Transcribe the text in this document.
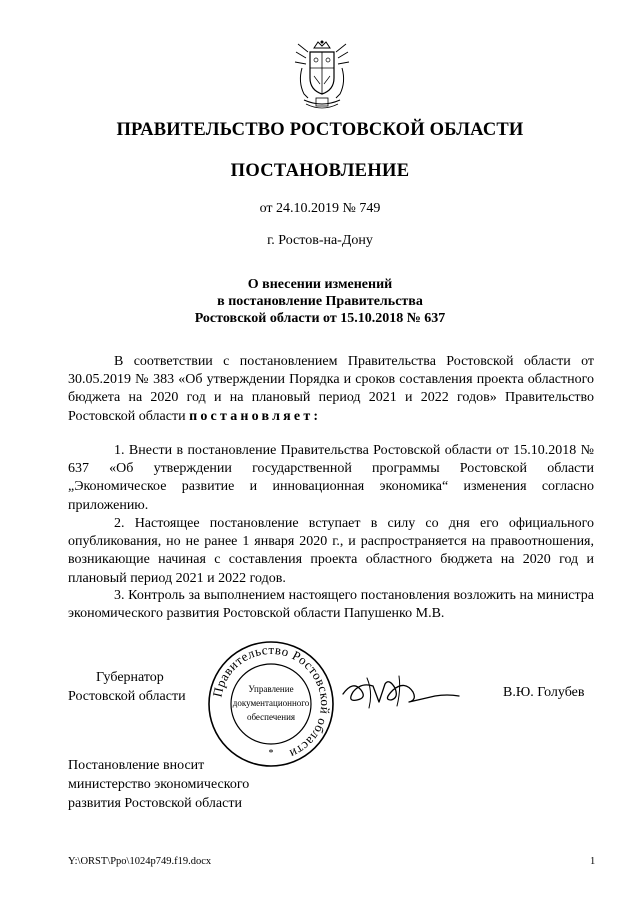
ПРАВИТЕЛЬСТВО РОСТОВСКОЙ ОБЛАСТИ
ПОСТАНОВЛЕНИЕ
от 24.10.2019 № 749
г. Ростов-на-Дону
О внесении изменений
в постановление Правительства
Ростовской области от 15.10.2018 № 637

В соответствии с постановлением Правительства Ростовской области от 30.05.2019 № 383 «Об утверждении Порядка и сроков составления проекта областного бюджета на 2020 год и на плановый период 2021 и 2022 годов» Правительство Ростовской области постановляет:

1. Внести в постановление Правительства Ростовской области от 15.10.2018 № 637 «Об утверждении государственной программы Ростовской области „Экономическое развитие и инновационная экономика“ изменения согласно приложению.

2. Настоящее постановление вступает в силу со дня его официального опубликования, но не ранее 1 января 2020 г., и распространяется на правоотношения, возникающие начиная с составления проекта областного бюджета на 2020 год и плановый период 2021 и 2022 годов.

3. Контроль за выполнением настоящего постановления возложить на министра экономического развития Ростовской области Папушенко М.В.

Губернатор
Ростовской области Правительство Ростовской области
Управление
документационного
обеспечения
*
В.Ю. Голубев
Постановление вносит
министерство экономического
развития Ростовской области
Y:\ORST\Ppo\1024p749.f19.docx	1
